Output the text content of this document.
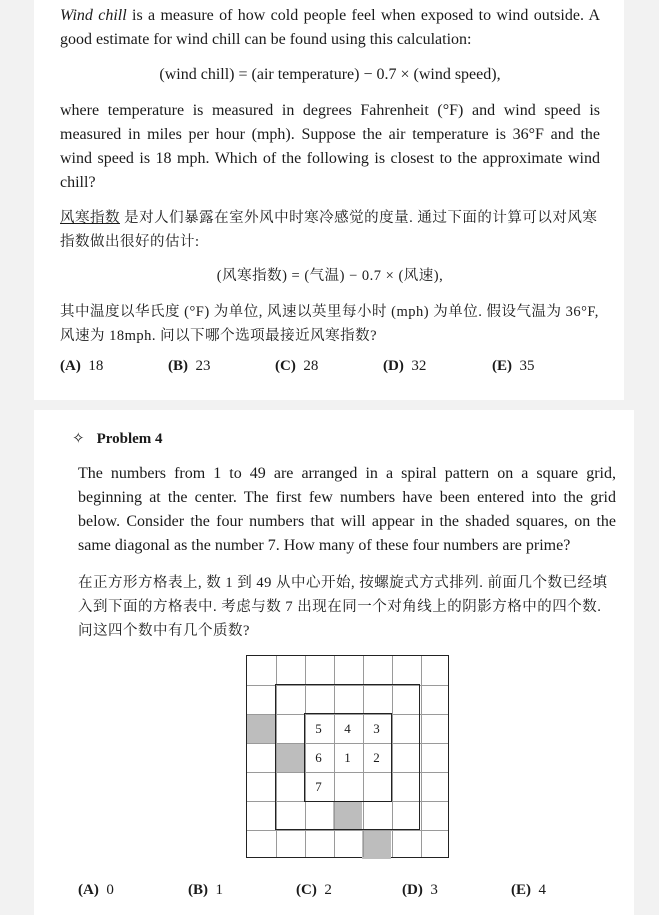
Wind chill is a measure of how cold people feel when exposed to wind outside. A good estimate for wind chill can be found using this calculation:

(wind chill) = (air temperature) − 0.7 × (wind speed),

where temperature is measured in degrees Fahrenheit (°F) and wind speed is measured in miles per hour (mph). Suppose the air temperature is 36°F and the wind speed is 18 mph. Which of the following is closest to the approximate wind chill?

风寒指数 是对人们暴露在室外风中时寒冷感觉的度量. 通过下面的计算可以对风寒指数做出很好的估计:

(风寒指数) = (气温) − 0.7 × (风速),

其中温度以华氏度 (°F) 为单位, 风速以英里每小时 (mph) 为单位. 假设气温为 36°F, 风速为 18mph. 问以下哪个选项最接近风寒指数?

(A) 18	(B) 23	(C) 28	(D) 32	(E) 35
✧ Problem 4

The numbers from 1 to 49 are arranged in a spiral pattern on a square grid, beginning at the center. The first few numbers have been entered into the grid below. Consider the four numbers that will appear in the shaded squares, on the same diagonal as the number 7. How many of these four numbers are prime?

在正方形方格表上, 数 1 到 49 从中心开始, 按螺旋式方式排列. 前面几个数已经填入到下面的方格表中. 考虑与数 7 出现在同一个对角线上的阴影方格中的四个数. 问这四个数中有几个质数?

5	4	3
6	1	2
7
(A) 0	(B) 1	(C) 2	(D) 3	(E) 4
